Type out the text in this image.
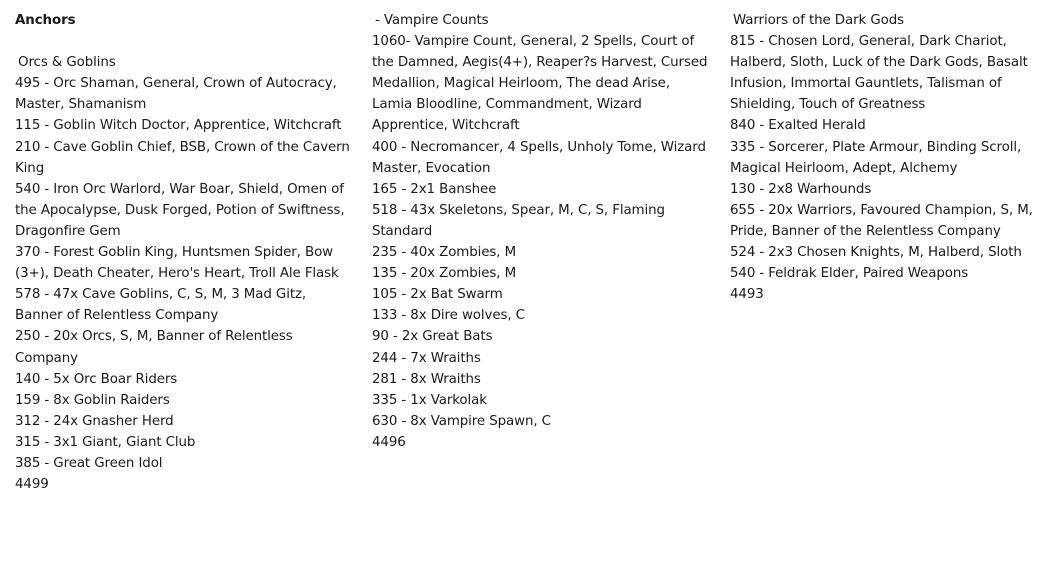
Anchors
Orcs & Goblins
495 - Orc Shaman, General, Crown of Autocracy, Master, Shamanism
115 - Goblin Witch Doctor, Apprentice, Witchcraft
210 - Cave Goblin Chief, BSB, Crown of the Cavern King
540 - Iron Orc Warlord, War Boar, Shield, Omen of the Apocalypse, Dusk Forged, Potion of Swiftness, Dragonfire Gem
370 - Forest Goblin King, Huntsmen Spider, Bow (3+), Death Cheater, Hero's Heart, Troll Ale Flask
578 - 47x Cave Goblins, C, S, M, 3 Mad Gitz, Banner of Relentless Company
250 - 20x Orcs, S, M, Banner of Relentless Company
140 - 5x Orc Boar Riders
159 - 8x Goblin Raiders
312 - 24x Gnasher Herd
315 - 3x1 Giant, Giant Club
385 - Great Green Idol
4499
- Vampire Counts
1060- Vampire Count, General, 2 Spells, Court of the Damned, Aegis(4+), Reaper?s Harvest, Cursed Medallion, Magical Heirloom, The dead Arise, Lamia Bloodline, Commandment, Wizard Apprentice, Witchcraft
400 - Necromancer, 4 Spells, Unholy Tome, Wizard Master, Evocation
165 - 2x1 Banshee
518 - 43x Skeletons, Spear, M, C, S, Flaming Standard
235 - 40x Zombies, M
135 - 20x Zombies, M
105 - 2x Bat Swarm
133 - 8x Dire wolves, C
90 - 2x Great Bats
244 - 7x Wraiths
281 - 8x Wraiths
335 - 1x Varkolak
630 - 8x Vampire Spawn, C
4496
Warriors of the Dark Gods
815 - Chosen Lord, General, Dark Chariot, Halberd, Sloth, Luck of the Dark Gods, Basalt Infusion, Immortal Gauntlets, Talisman of Shielding, Touch of Greatness
840 - Exalted Herald
335 - Sorcerer, Plate Armour, Binding Scroll, Magical Heirloom, Adept, Alchemy
130 - 2x8 Warhounds
655 - 20x Warriors, Favoured Champion, S, M, Pride, Banner of the Relentless Company
524 - 2x3 Chosen Knights, M, Halberd, Sloth
540 - Feldrak Elder, Paired Weapons
4493
